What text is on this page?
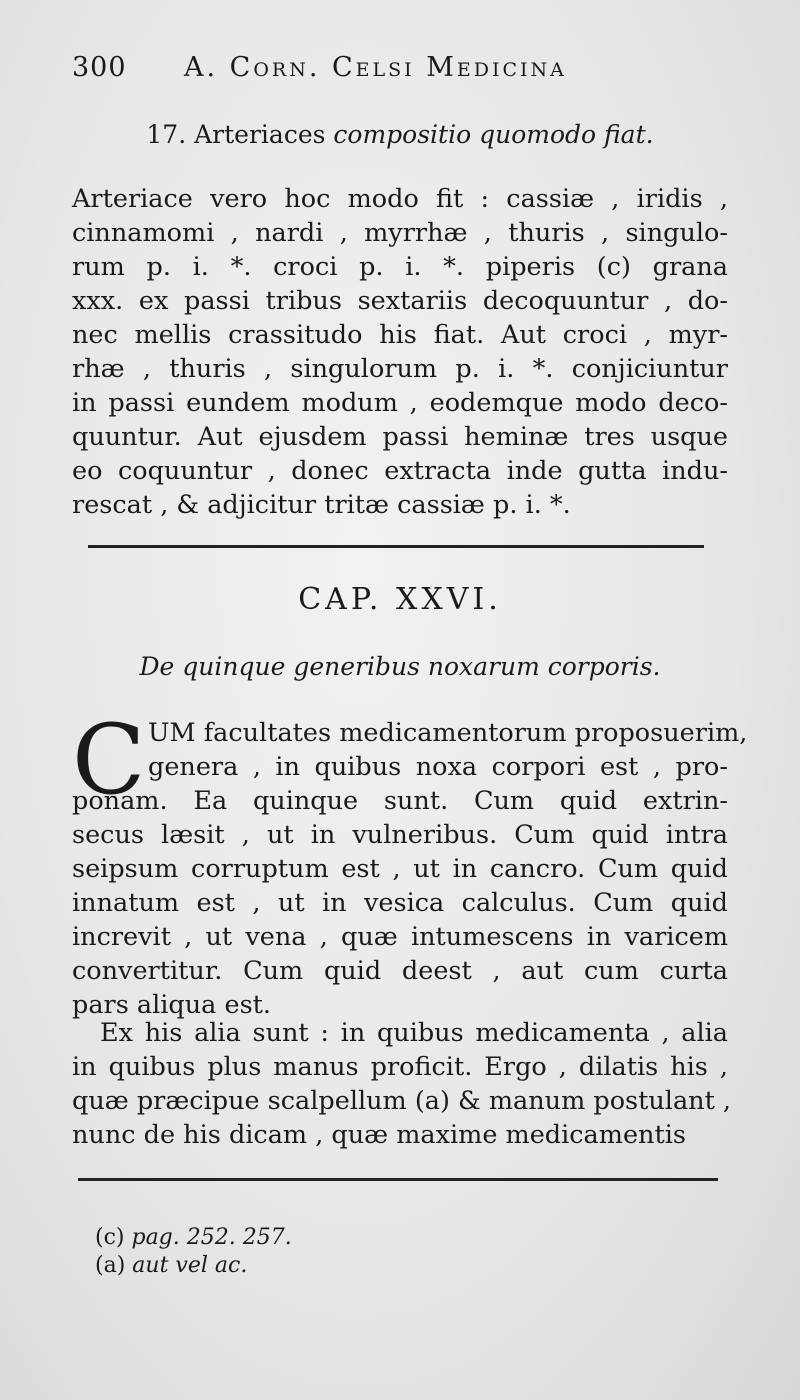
300 A. Corn. Celsi Medicina
17. Arteriaces compositio quomodo fiat.
Arteriace vero hoc modo fit : cassiæ , iridis ,
cinnamomi , nardi , myrrhæ , thuris , singulo-
rum p. i. *. croci p. i. *. piperis (c) grana
xxx. ex passi tribus sextariis decoquuntur , do-
nec mellis crassitudo his fiat. Aut croci , myr-
rhæ , thuris , singulorum p. i. *. conjiciuntur
in passi eundem modum , eodemque modo deco-
quuntur. Aut ejusdem passi heminæ tres usque
eo coquuntur , donec extracta inde gutta indu-
rescat , & adjicitur tritæ cassiæ p. i. *.
CAP. XXVI.
De quinque generibus noxarum corporis.
C UM facultates medicamentorum proposuerim,
genera , in quibus noxa corpori est , pro-
ponam. Ea quinque sunt. Cum quid extrin-
secus læsit , ut in vulneribus. Cum quid intra
seipsum corruptum est , ut in cancro. Cum quid
innatum est , ut in vesica calculus. Cum quid
increvit , ut vena , quæ intumescens in varicem
convertitur. Cum quid deest , aut cum curta
pars aliqua est.
Ex his alia sunt : in quibus medicamenta , alia
in quibus plus manus proficit. Ergo , dilatis his ,
quæ præcipue scalpellum (a) & manum postulant ,
nunc de his dicam , quæ maxime medicamentis
(c) pag. 252. 257.
(a) aut vel ac.
